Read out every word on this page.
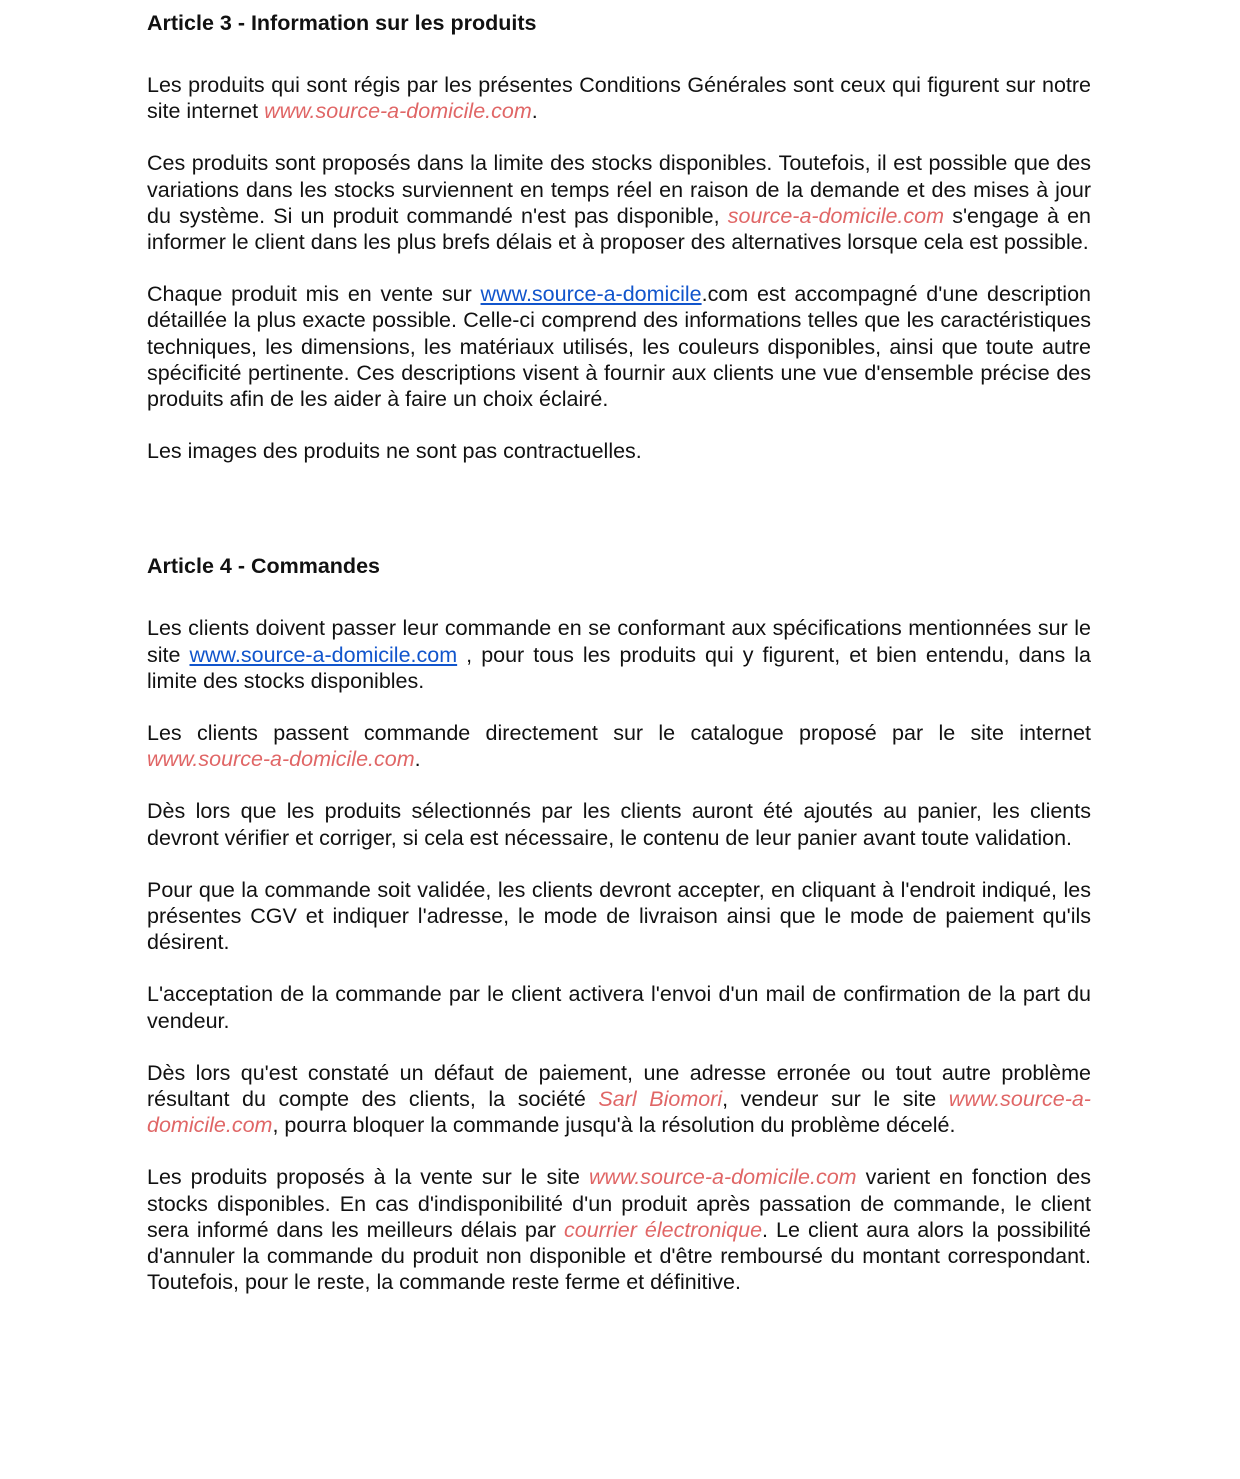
Article 3 - Information sur les produits

Les produits qui sont régis par les présentes Conditions Générales sont ceux qui figurent sur notre site internet www.source-a-domicile.com.

Ces produits sont proposés dans la limite des stocks disponibles. Toutefois, il est possible que des variations dans les stocks surviennent en temps réel en raison de la demande et des mises à jour du système. Si un produit commandé n'est pas disponible, source-a-domicile.com s'engage à en informer le client dans les plus brefs délais et à proposer des alternatives lorsque cela est possible.

Chaque produit mis en vente sur www.source-a-domicile.com est accompagné d'une description détaillée la plus exacte possible. Celle-ci comprend des informations telles que les caractéristiques techniques, les dimensions, les matériaux utilisés, les couleurs disponibles, ainsi que toute autre spécificité pertinente. Ces descriptions visent à fournir aux clients une vue d'ensemble précise des produits afin de les aider à faire un choix éclairé.

Les images des produits ne sont pas contractuelles.

Article 4 - Commandes

Les clients doivent passer leur commande en se conformant aux spécifications mentionnées sur le site www.source-a-domicile.com , pour tous les produits qui y figurent, et bien entendu, dans la limite des stocks disponibles.

Les clients passent commande directement sur le catalogue proposé par le site internet www.source-a-domicile.com.

Dès lors que les produits sélectionnés par les clients auront été ajoutés au panier, les clients devront vérifier et corriger, si cela est nécessaire, le contenu de leur panier avant toute validation.

Pour que la commande soit validée, les clients devront accepter, en cliquant à l'endroit indiqué, les présentes CGV et indiquer l'adresse, le mode de livraison ainsi que le mode de paiement qu'ils désirent.

L'acceptation de la commande par le client activera l'envoi d'un mail de confirmation de la part du vendeur.

Dès lors qu'est constaté un défaut de paiement, une adresse erronée ou tout autre problème résultant du compte des clients, la société Sarl Biomori, vendeur sur le site www.source-a-domicile.com, pourra bloquer la commande jusqu'à la résolution du problème décelé.

Les produits proposés à la vente sur le site www.source-a-domicile.com varient en fonction des stocks disponibles. En cas d'indisponibilité d'un produit après passation de commande, le client sera informé dans les meilleurs délais par courrier électronique. Le client aura alors la possibilité d'annuler la commande du produit non disponible et d'être remboursé du montant correspondant. Toutefois, pour le reste, la commande reste ferme et définitive.
